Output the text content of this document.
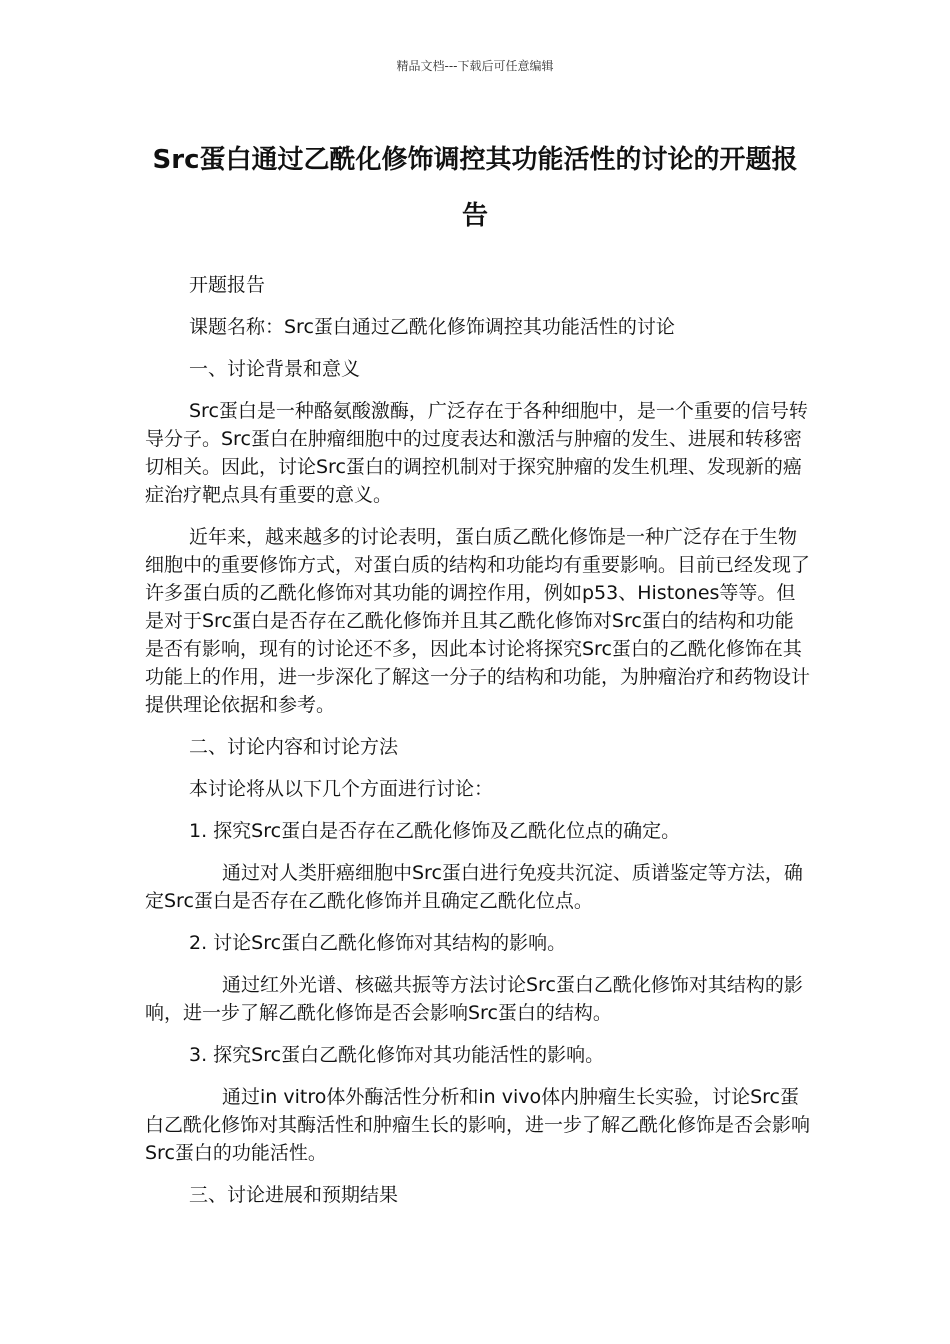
精品文档---下载后可任意编辑
Src蛋白通过乙酰化修饰调控其功能活性的讨论的开题报告

开题报告

课题名称：Src蛋白通过乙酰化修饰调控其功能活性的讨论

一、讨论背景和意义

Src蛋白是一种酪氨酸激酶，广泛存在于各种细胞中，是一个重要的信号转导分子。Src蛋白在肿瘤细胞中的过度表达和激活与肿瘤的发生、进展和转移密切相关。因此，讨论Src蛋白的调控机制对于探究肿瘤的发生机理、发现新的癌症治疗靶点具有重要的意义。

近年来，越来越多的讨论表明，蛋白质乙酰化修饰是一种广泛存在于生物细胞中的重要修饰方式，对蛋白质的结构和功能均有重要影响。目前已经发现了许多蛋白质的乙酰化修饰对其功能的调控作用，例如p53、Histones等等。但是对于Src蛋白是否存在乙酰化修饰并且其乙酰化修饰对Src蛋白的结构和功能是否有影响，现有的讨论还不多，因此本讨论将探究Src蛋白的乙酰化修饰在其功能上的作用，进一步深化了解这一分子的结构和功能，为肿瘤治疗和药物设计提供理论依据和参考。

二、讨论内容和讨论方法

本讨论将从以下几个方面进行讨论：

1. 探究Src蛋白是否存在乙酰化修饰及乙酰化位点的确定。

通过对人类肝癌细胞中Src蛋白进行免疫共沉淀、质谱鉴定等方法，确定Src蛋白是否存在乙酰化修饰并且确定乙酰化位点。

2. 讨论Src蛋白乙酰化修饰对其结构的影响。

通过红外光谱、核磁共振等方法讨论Src蛋白乙酰化修饰对其结构的影响，进一步了解乙酰化修饰是否会影响Src蛋白的结构。

3. 探究Src蛋白乙酰化修饰对其功能活性的影响。

通过in vitro体外酶活性分析和in vivo体内肿瘤生长实验，讨论Src蛋白乙酰化修饰对其酶活性和肿瘤生长的影响，进一步了解乙酰化修饰是否会影响Src蛋白的功能活性。

三、讨论进展和预期结果
